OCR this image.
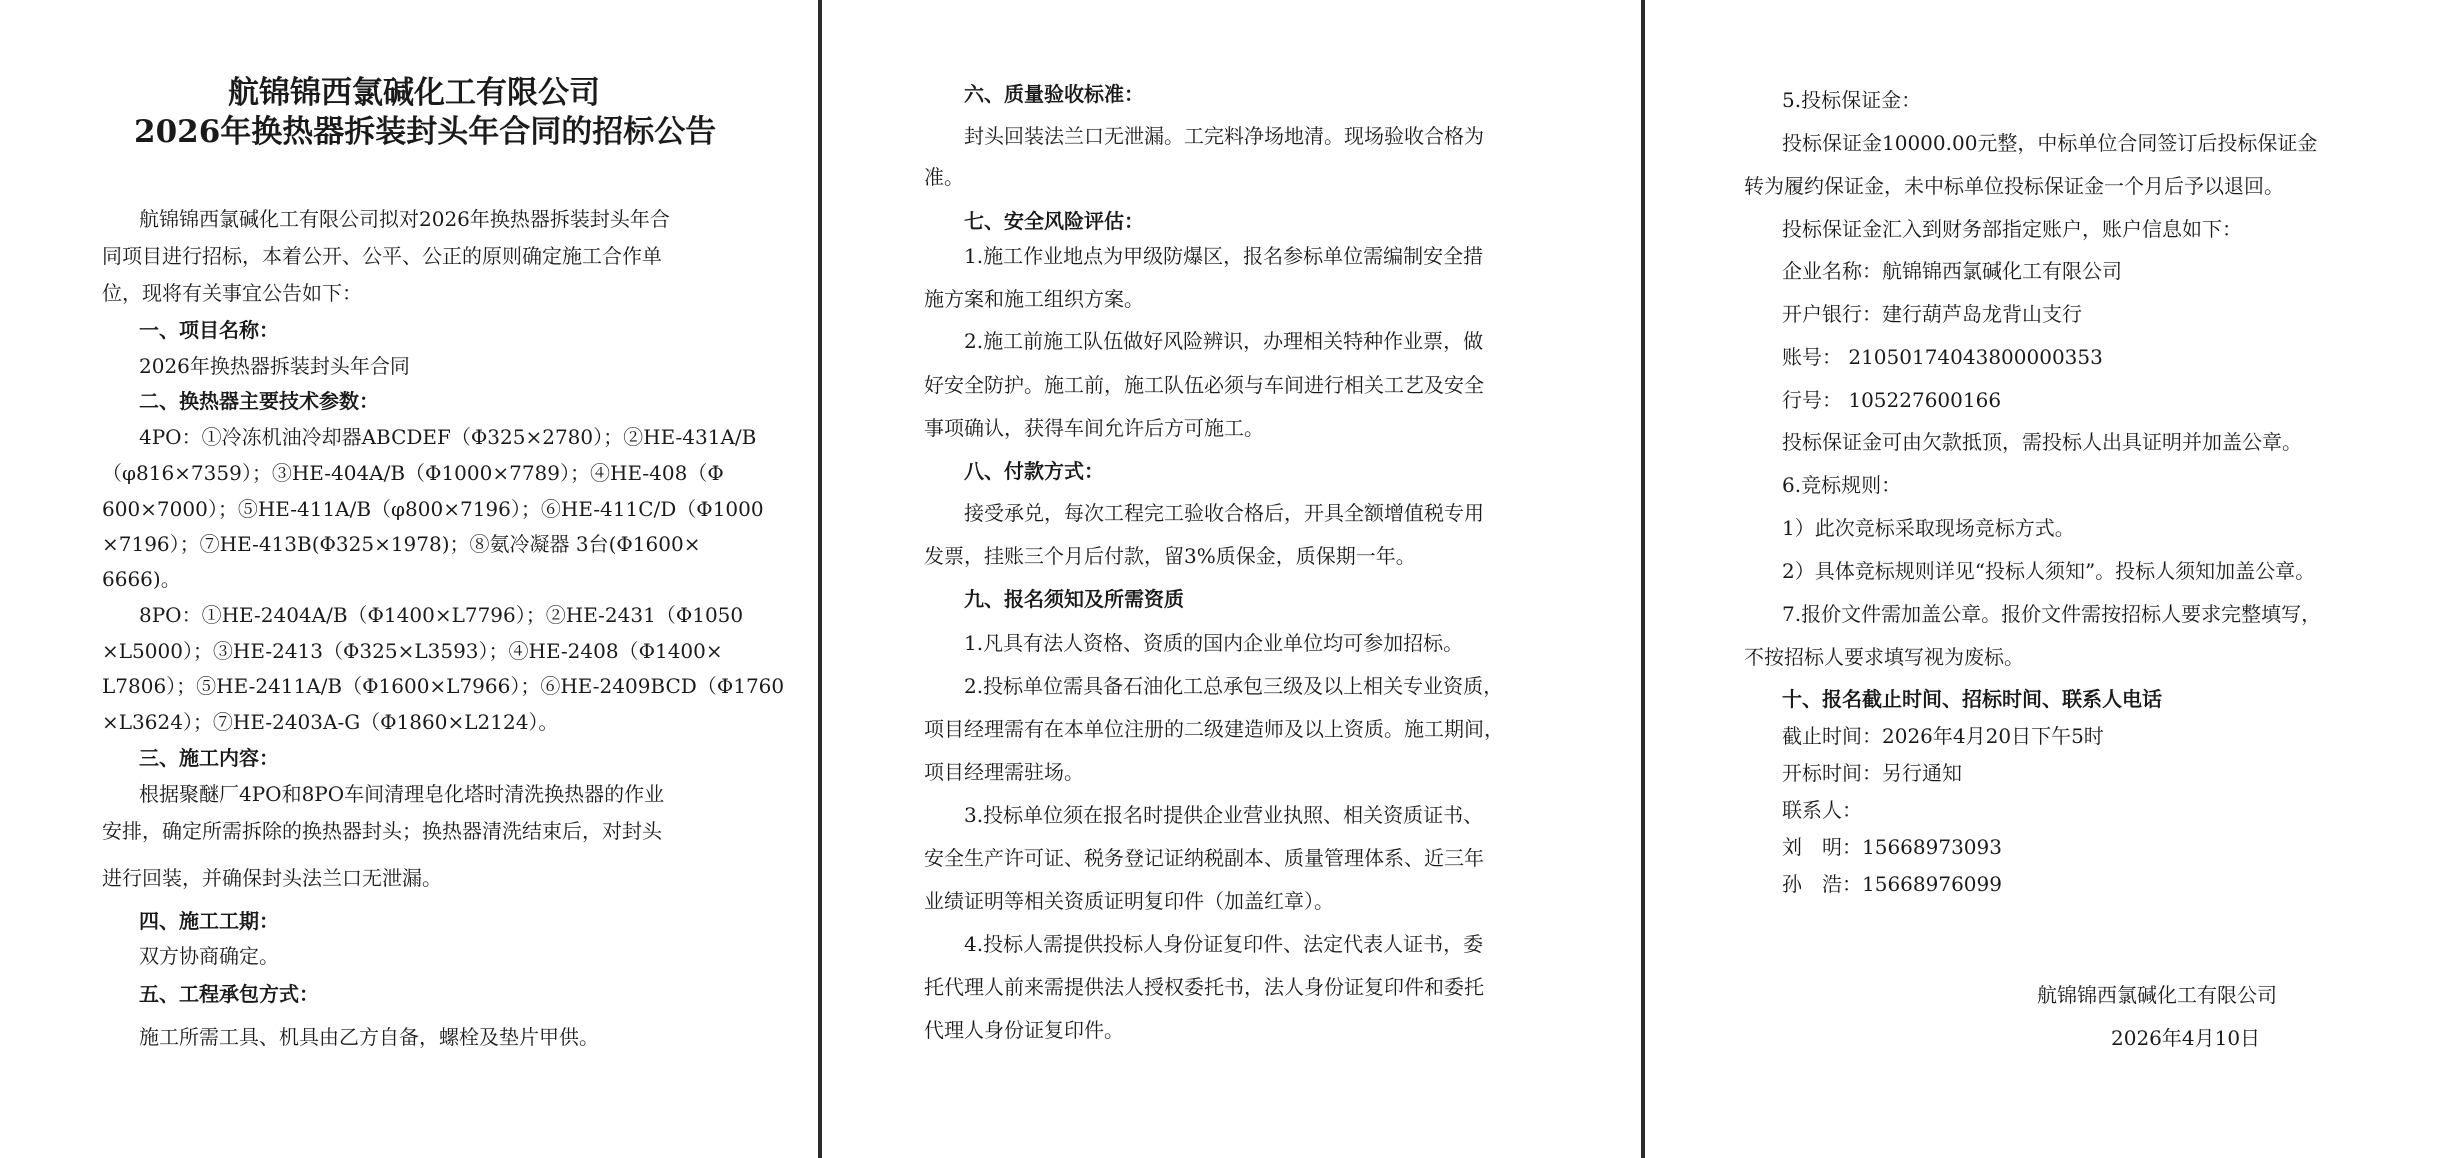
航锦锦西氯碱化工有限公司
2026年换热器拆装封头年合同的招标公告
航锦锦西氯碱化工有限公司拟对2026年换热器拆装封头年合
同项目进行招标，本着公开、公平、公正的原则确定施工合作单
位，现将有关事宜公告如下：
一、项目名称：
2026年换热器拆装封头年合同
二、换热器主要技术参数：
4PO：①冷冻机油冷却器ABCDEF（Φ325×2780）；②HE-431A/B
（φ816×7359）；③HE-404A/B（Φ1000×7789）；④HE-408（Φ
600×7000）；⑤HE-411A/B（φ800×7196）；⑥HE-411C/D（Φ1000
×7196）；⑦HE-413B(Φ325×1978)；⑧氨冷凝器 3台(Φ1600×
6666)。
8PO：①HE-2404A/B（Φ1400×L7796）；②HE-2431（Φ1050
×L5000）；③HE-2413（Φ325×L3593）；④HE-2408（Φ1400×
L7806）；⑤HE-2411A/B（Φ1600×L7966）；⑥HE-2409BCD（Φ1760
×L3624）；⑦HE-2403A-G（Φ1860×L2124）。
三、施工内容：
根据聚醚厂4PO和8PO车间清理皂化塔时清洗换热器的作业
安排，确定所需拆除的换热器封头；换热器清洗结束后，对封头
进行回装，并确保封头法兰口无泄漏。
四、施工工期：
双方协商确定。
五、工程承包方式：
施工所需工具、机具由乙方自备，螺栓及垫片甲供。
六、质量验收标准：
封头回装法兰口无泄漏。工完料净场地清。现场验收合格为
准。
七、安全风险评估：
1.施工作业地点为甲级防爆区，报名参标单位需编制安全措
施方案和施工组织方案。
2.施工前施工队伍做好风险辨识，办理相关特种作业票，做
好安全防护。施工前，施工队伍必须与车间进行相关工艺及安全
事项确认，获得车间允许后方可施工。
八、付款方式：
接受承兑，每次工程完工验收合格后，开具全额增值税专用
发票，挂账三个月后付款，留3%质保金，质保期一年。
九、报名须知及所需资质
1.凡具有法人资格、资质的国内企业单位均可参加招标。
2.投标单位需具备石油化工总承包三级及以上相关专业资质，
项目经理需有在本单位注册的二级建造师及以上资质。施工期间，
项目经理需驻场。
3.投标单位须在报名时提供企业营业执照、相关资质证书、
安全生产许可证、税务登记证纳税副本、质量管理体系、近三年
业绩证明等相关资质证明复印件（加盖红章）。
4.投标人需提供投标人身份证复印件、法定代表人证书，委
托代理人前来需提供法人授权委托书，法人身份证复印件和委托
代理人身份证复印件。
5.投标保证金：
投标保证金10000.00元整，中标单位合同签订后投标保证金
转为履约保证金，未中标单位投标保证金一个月后予以退回。
投标保证金汇入到财务部指定账户，账户信息如下：
企业名称：航锦锦西氯碱化工有限公司
开户银行：建行葫芦岛龙背山支行
账号： 21050174043800000353
行号： 105227600166
投标保证金可由欠款抵顶，需投标人出具证明并加盖公章。
6.竞标规则：
1）此次竞标采取现场竞标方式。
2）具体竞标规则详见“投标人须知”。投标人须知加盖公章。
7.报价文件需加盖公章。报价文件需按招标人要求完整填写，
不按招标人要求填写视为废标。
十、报名截止时间、招标时间、联系人电话
截止时间：2026年4月20日下午5时
开标时间：另行通知
联系人：
刘　明：15668973093
孙　浩：15668976099
航锦锦西氯碱化工有限公司
2026年4月10日
